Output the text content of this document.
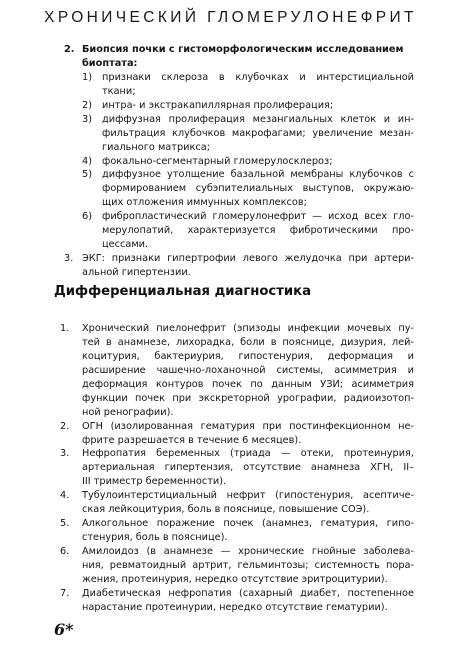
ХРОНИЧЕСКИЙ ГЛОМЕРУЛОНЕФРИТ
2. Биопсия почки с гистоморфологическим исследованием
биоптата:
1) признаки склероза в клубочках и интерстициальной
ткани;
2) интра- и экстракапиллярная пролиферация;
3) диффузная пролиферация мезангиальных клеток и ин-
фильтрация клубочков макрофагами; увеличение мезан-
гиального матрикса;
4) фокально-сегментарный гломерулосклероз;
5) диффузное утолщение базальной мембраны клубочков с
формированием субэпителиальных выступов, окружаю-
щих отложения иммунных комплексов;
6) фибропластический гломерулонефрит — исход всех гло-
мерулопатий, характеризуется фибротическими про-
цессами.
3. ЭКГ: признаки гипертрофии левого желудочка при артери-
альной гипертензии.
Дифференциальная диагностика
1. Хронический пиелонефрит (эпизоды инфекции мочевых пу-
тей в анамнезе, лихорадка, боли в пояснице, дизурия, лей-
коцитурия, бактериурия, гипостенурия, деформация и
расширение чашечно-лоханочной системы, асимметрия и
деформация контуров почек по данным УЗИ; асимметрия
функции почек при экскреторной урографии, радиоизотоп-
ной ренографии).
2. ОГН (изолированная гематурия при постинфекционном не-
фрите разрешается в течение 6 месяцев).
3. Нефропатия беременных (триада — отеки, протеинурия,
артериальная гипертензия, отсутствие анамнеза ХГН, II–
III триместр беременности).
4. Тубулоинтерстициальный нефрит (гипостенурия, асептиче-
ская лейкоцитурия, боль в пояснице, повышение СОЭ).
5. Алкогольное поражение почек (анамнез, гематурия, гипо-
стенурия, боль в пояснице).
6. Амилоидоз (в анамнезе — хронические гнойные заболева-
ния, ревматоидный артрит, гельминтозы; системность пора-
жения, протеинурия, нередко отсутствие эритроцитурии).
7. Диабетическая нефропатия (сахарный диабет, постепенное
нарастание протеинурии, нередко отсутствие гематурии).
6*
